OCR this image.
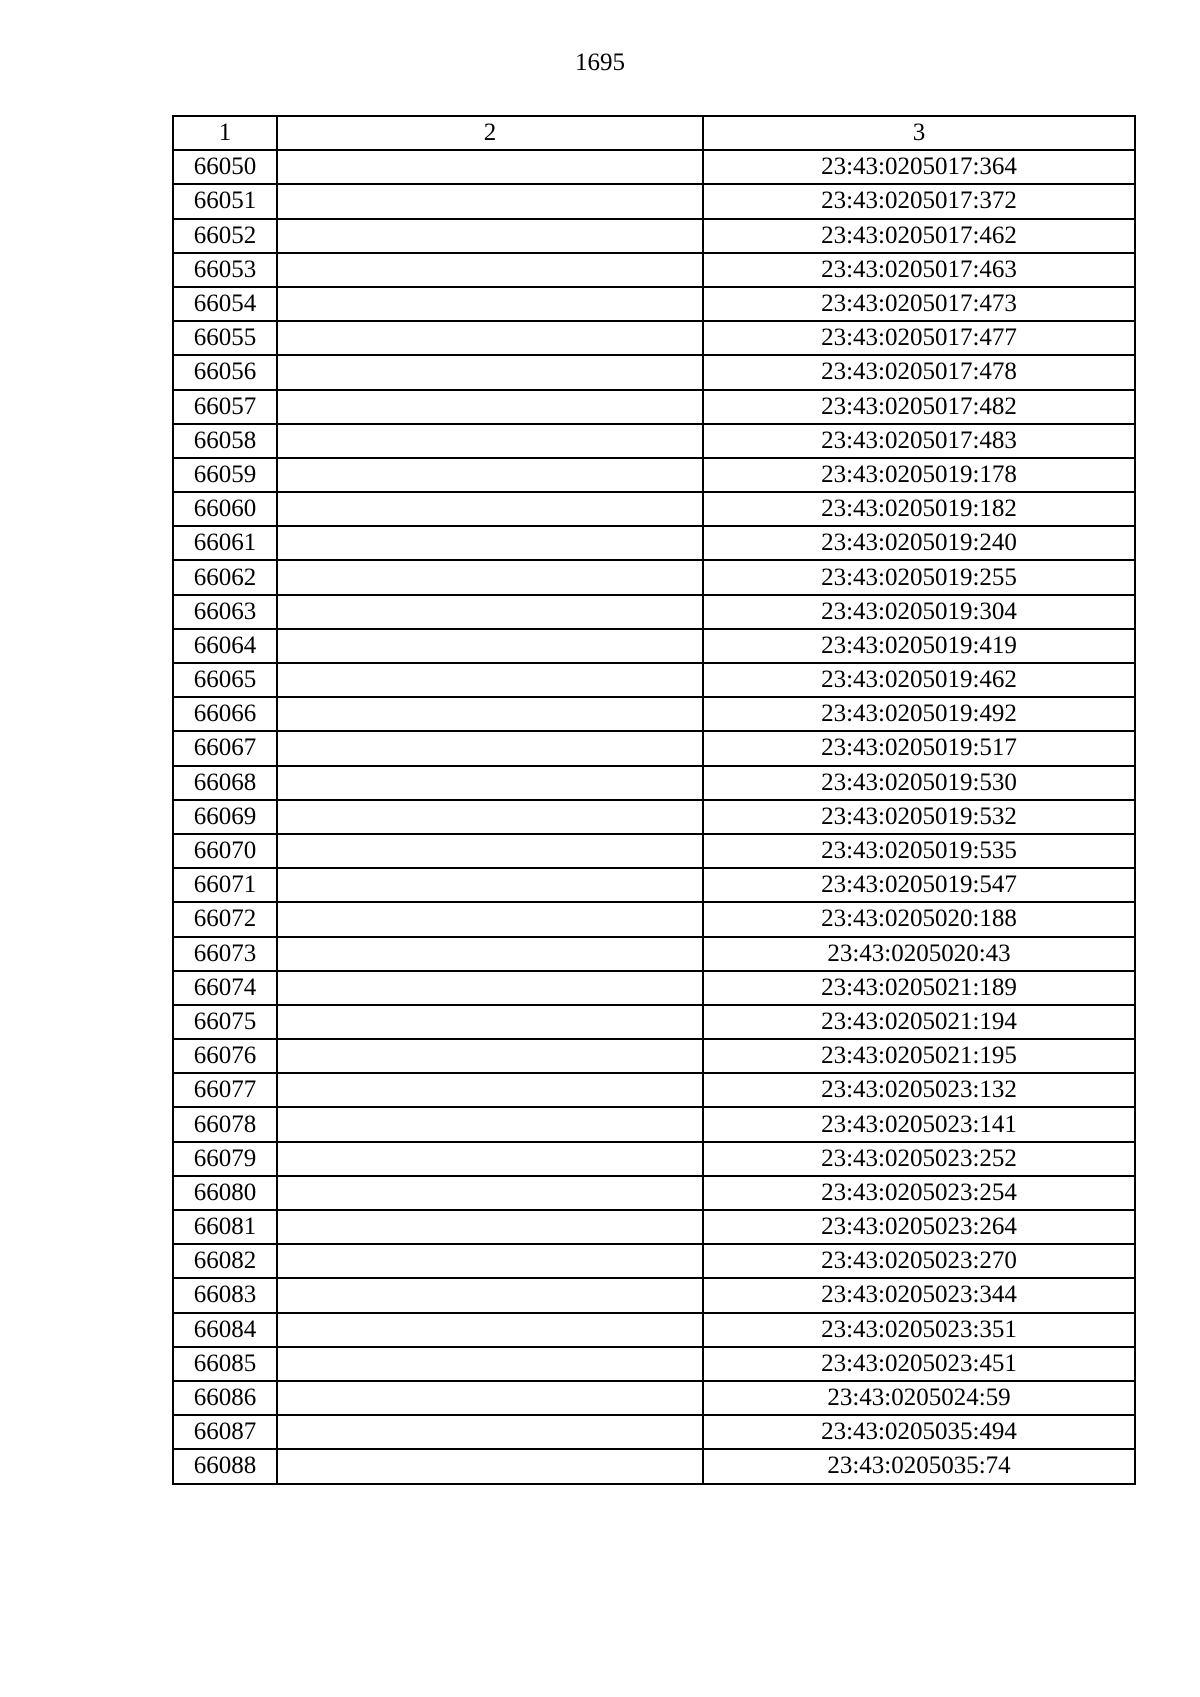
1695
1	2	3
66050		23:43:0205017:364
66051		23:43:0205017:372
66052		23:43:0205017:462
66053		23:43:0205017:463
66054		23:43:0205017:473
66055		23:43:0205017:477
66056		23:43:0205017:478
66057		23:43:0205017:482
66058		23:43:0205017:483
66059		23:43:0205019:178
66060		23:43:0205019:182
66061		23:43:0205019:240
66062		23:43:0205019:255
66063		23:43:0205019:304
66064		23:43:0205019:419
66065		23:43:0205019:462
66066		23:43:0205019:492
66067		23:43:0205019:517
66068		23:43:0205019:530
66069		23:43:0205019:532
66070		23:43:0205019:535
66071		23:43:0205019:547
66072		23:43:0205020:188
66073		23:43:0205020:43
66074		23:43:0205021:189
66075		23:43:0205021:194
66076		23:43:0205021:195
66077		23:43:0205023:132
66078		23:43:0205023:141
66079		23:43:0205023:252
66080		23:43:0205023:254
66081		23:43:0205023:264
66082		23:43:0205023:270
66083		23:43:0205023:344
66084		23:43:0205023:351
66085		23:43:0205023:451
66086		23:43:0205024:59
66087		23:43:0205035:494
66088		23:43:0205035:74
